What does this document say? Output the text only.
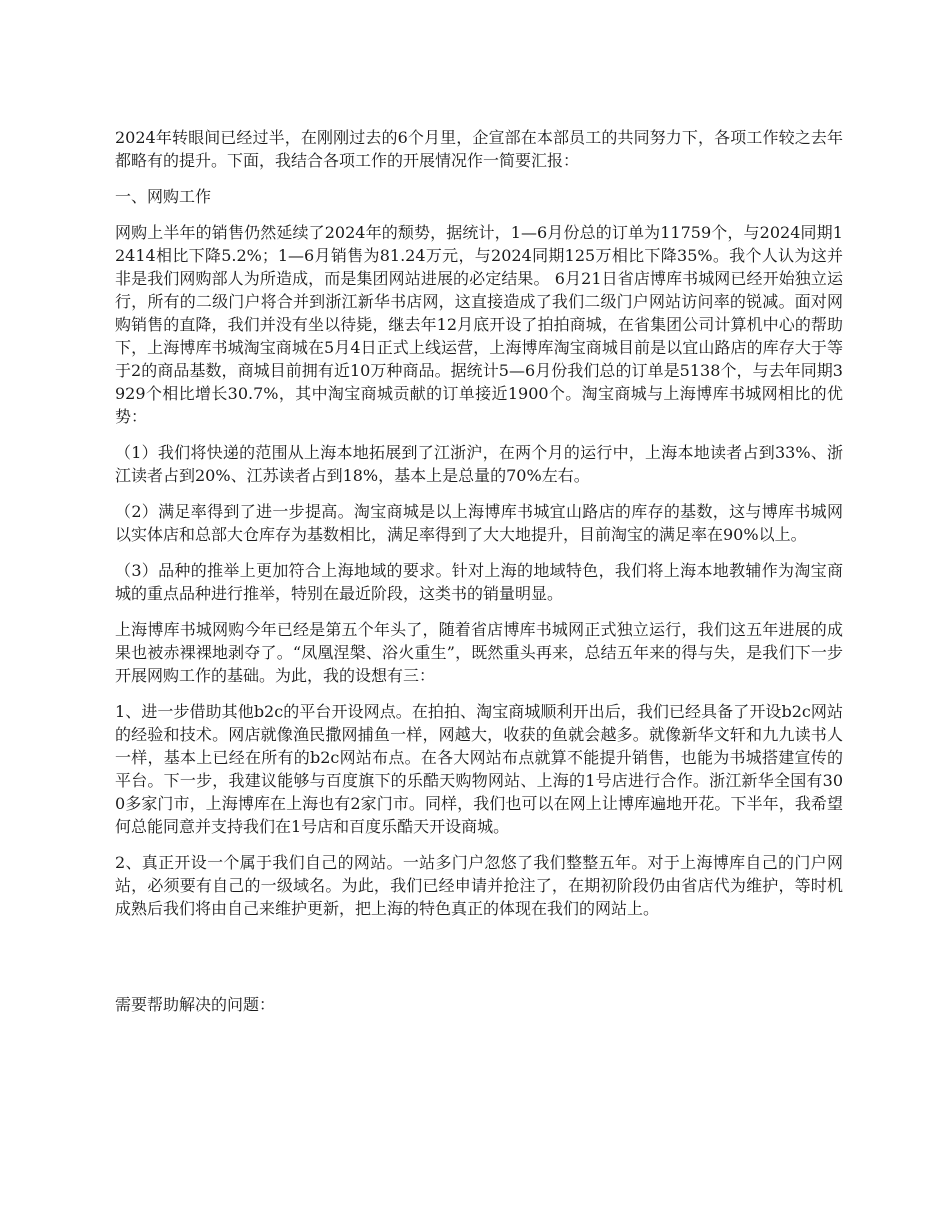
2024年转眼间已经过半，在刚刚过去的6个月里，企宣部在本部员工的共同努力下，各项工作较之去年都略有的提升。下面，我结合各项工作的开展情况作一简要汇报：

一、网购工作

网购上半年的销售仍然延续了2024年的颓势，据统计，1—6月份总的订单为11759个，与2024同期12414相比下降5.2%；1—6月销售为81.24万元，与2024同期125万相比下降35%。我个人认为这并非是我们网购部人为所造成，而是集团网站进展的必定结果。 6月21日省店博库书城网已经开始独立运行，所有的二级门户将合并到浙江新华书店网，这直接造成了我们二级门户网站访问率的锐减。面对网购销售的直降，我们并没有坐以待毙，继去年12月底开设了拍拍商城，在省集团公司计算机中心的帮助下，上海博库书城淘宝商城在5月4日正式上线运营，上海博库淘宝商城目前是以宜山路店的库存大于等于2的商品基数，商城目前拥有近10万种商品。据统计5—6月份我们总的订单是5138个，与去年同期3929个相比增长30.7%，其中淘宝商城贡献的订单接近1900个。淘宝商城与上海博库书城网相比的优势：

（1）我们将快递的范围从上海本地拓展到了江浙沪，在两个月的运行中，上海本地读者占到33%、浙江读者占到20%、江苏读者占到18%，基本上是总量的70%左右。

（2）满足率得到了进一步提高。淘宝商城是以上海博库书城宜山路店的库存的基数，这与博库书城网以实体店和总部大仓库存为基数相比，满足率得到了大大地提升，目前淘宝的满足率在90%以上。

（3）品种的推举上更加符合上海地域的要求。针对上海的地域特色，我们将上海本地教辅作为淘宝商城的重点品种进行推举，特别在最近阶段，这类书的销量明显。

上海博库书城网购今年已经是第五个年头了，随着省店博库书城网正式独立运行，我们这五年进展的成果也被赤裸裸地剥夺了。“凤凰涅槃、浴火重生”，既然重头再来，总结五年来的得与失，是我们下一步开展网购工作的基础。为此，我的设想有三：

1、进一步借助其他b2c的平台开设网点。在拍拍、淘宝商城顺利开出后，我们已经具备了开设b2c网站的经验和技术。网店就像渔民撒网捕鱼一样，网越大，收获的鱼就会越多。就像新华文轩和九九读书人一样，基本上已经在所有的b2c网站布点。在各大网站布点就算不能提升销售，也能为书城搭建宣传的平台。下一步，我建议能够与百度旗下的乐酷天购物网站、上海的1号店进行合作。浙江新华全国有300多家门市，上海博库在上海也有2家门市。同样，我们也可以在网上让博库遍地开花。下半年，我希望何总能同意并支持我们在1号店和百度乐酷天开设商城。

2、真正开设一个属于我们自己的网站。一站多门户忽悠了我们整整五年。对于上海博库自己的门户网站，必须要有自己的一级域名。为此，我们已经申请并抢注了，在期初阶段仍由省店代为维护，等时机成熟后我们将由自己来维护更新，把上海的特色真正的体现在我们的网站上。

需要帮助解决的问题：
